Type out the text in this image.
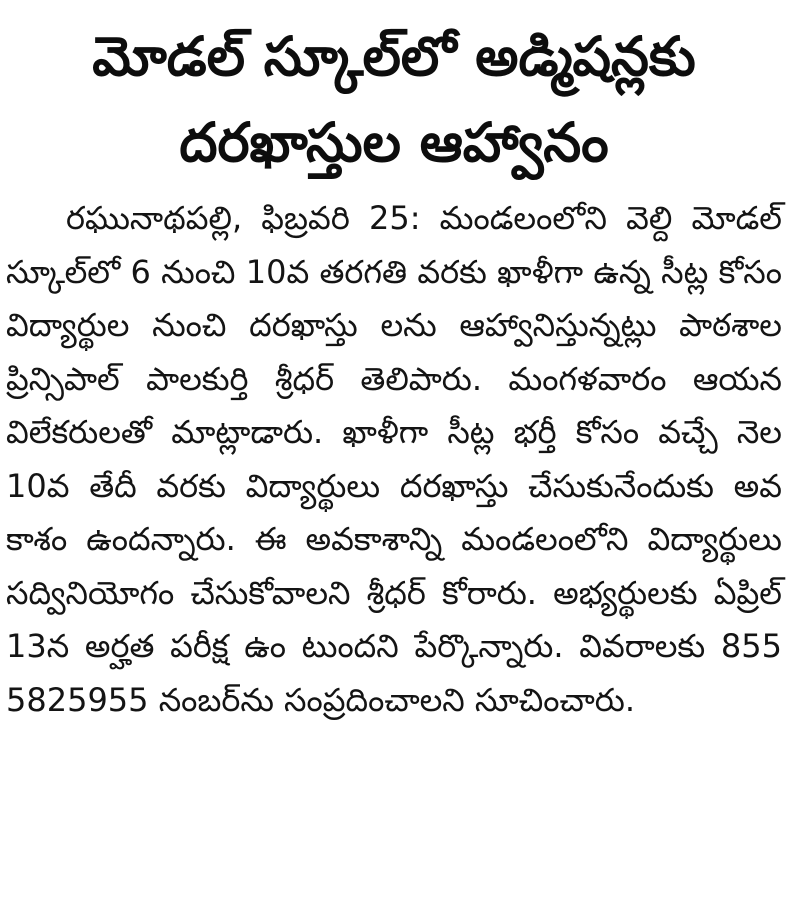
మోడల్ స్కూల్‌లో అడ్మిషన్లకు
దరఖాస్తుల ఆహ్వానం

రఘునాథపల్లి, ఫిబ్రవరి 25: మండలంలోని వెల్ది మోడల్ స్కూల్‌లో 6 నుంచి 10వ తరగతి వరకు ఖాళీగా ఉన్న సీట్ల కోసం విద్యార్థుల నుంచి దరఖాస్తు లను ఆహ్వానిస్తున్నట్లు పాఠశాల ప్రిన్సిపాల్ పాలకుర్తి శ్రీధర్ తెలిపారు. మంగళవారం ఆయన విలేకరులతో మాట్లాడారు. ఖాళీగా సీట్ల భర్తీ కోసం వచ్చే నెల 10వ తేదీ వరకు విద్యార్థులు దరఖాస్తు చేసుకునేందుకు అవ కాశం ఉందన్నారు. ఈ అవకాశాన్ని మండలంలోని విద్యార్థులు సద్వినియోగం చేసుకోవాలని శ్రీధర్ కోరారు. అభ్యర్థులకు ఏప్రిల్ 13న అర్హత పరీక్ష ఉం టుందని పేర్కొన్నారు. వివరాలకు 855 5825955 నంబర్‌ను సంప్రదించాలని సూచించారు.
